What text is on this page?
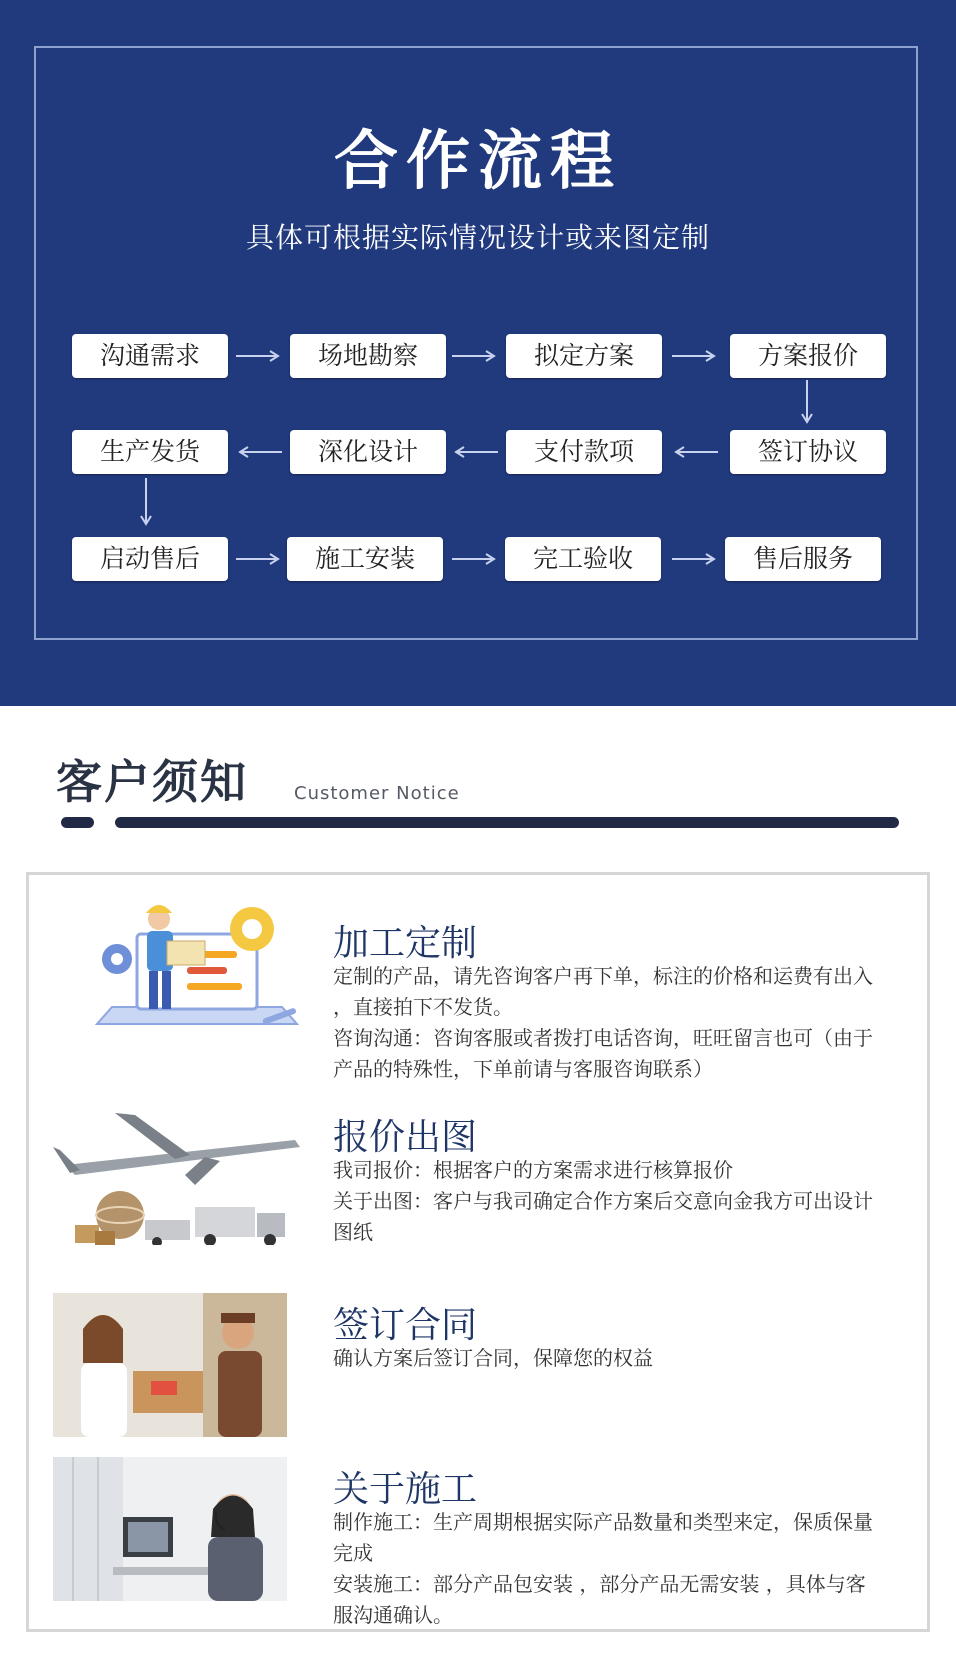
合作流程
具体可根据实际情况设计或来图定制
沟通需求	场地勘察	拟定方案	方案报价
签订协议
支付款项
深化设计
生产发货
启动售后	施工安装	完工验收	售后服务
客户须知	Customer Notice
加工定制
定制的产品，请先咨询客户再下单，标注的价格和运费有出入
，直接拍下不发货。
咨询沟通：咨询客服或者拨打电话咨询，旺旺留言也可（由于
产品的特殊性，下单前请与客服咨询联系）
报价出图
我司报价：根据客户的方案需求进行核算报价
关于出图：客户与我司确定合作方案后交意向金我方可出设计
图纸
签订合同
确认方案后签订合同，保障您的权益
关于施工
制作施工：生产周期根据实际产品数量和类型来定，保质保量
完成
安装施工：部分产品包安装 ，部分产品无需安装 ，具体与客
服沟通确认。
